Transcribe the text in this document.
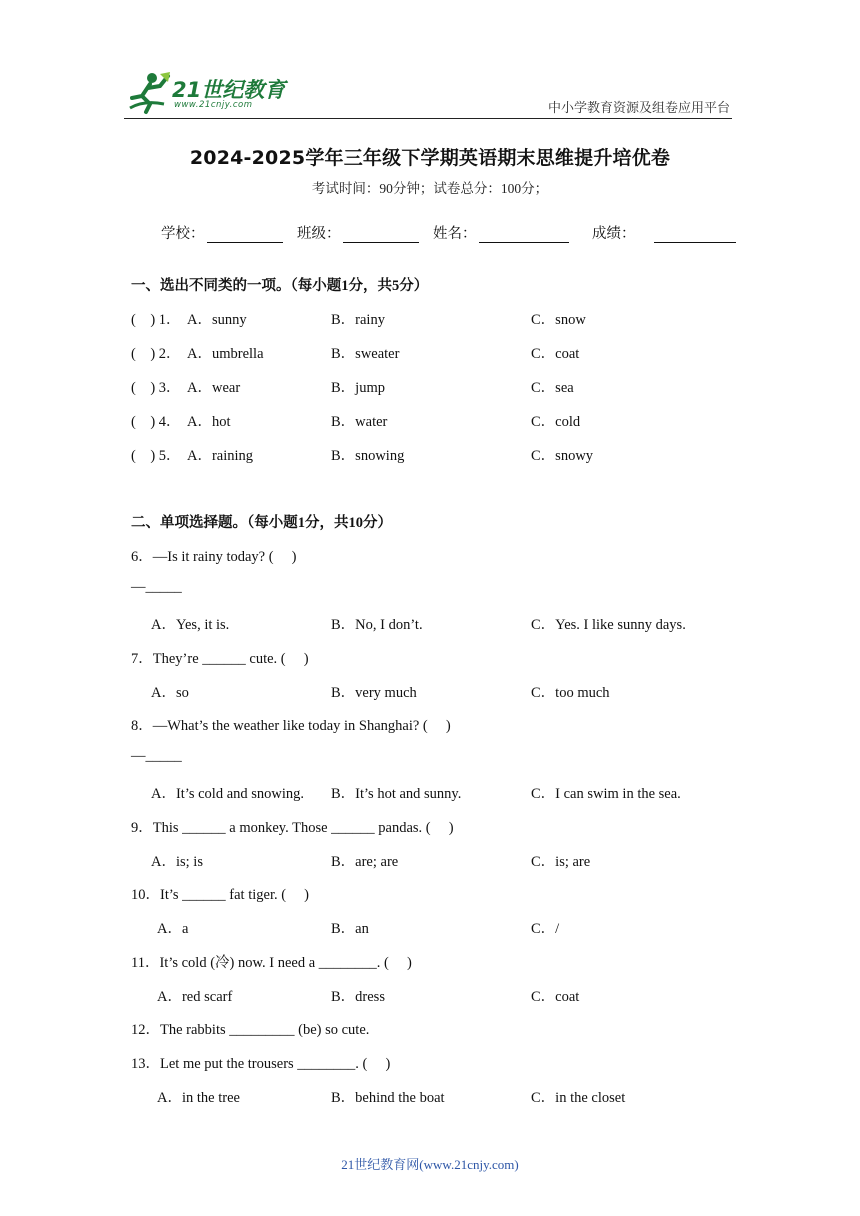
21世纪教育
www.21cnjy.com	中小学教育资源及组卷应用平台
2024-2025学年三年级下学期英语期末思维提升培优卷
考试时间：90分钟；试卷总分：100分；
学校：	班级：	姓名：	成绩：
一、选出不同类的一项。（每小题1分，共5分）
(　) 1． A．sunny	B．rainy	C．snow
(　) 2． A．umbrella	B．sweater	C．coat
(　) 3． A．wear	B．jump	C．sea
(　) 4． A．hot	B．water	C．cold
(　) 5． A．raining	B．snowing	C．snowy
二、单项选择题。（每小题1分，共10分）
6．—Is it rainy today? (　 )
—_____
A．Yes, it is.	B．No, I don’t.	C．Yes. I like sunny days.
7．They’re ______ cute. (　 )
A．so	B．very much	C．too much
8．—What’s the weather like today in Shanghai? (　 )
—_____
A．It’s cold and snowing. B．It’s hot and sunny.	C．I can swim in the sea.
9．This ______ a monkey. Those ______ pandas. (　 )
A．is; is	B．are; are	C．is; are
10．It’s ______ fat tiger. (　 )
A．a	B．an	C．/
11．It’s cold (冷) now. I need a ________. (　 )
A．red scarf	B．dress	C．coat
12．The rabbits _________ (be) so cute.
13．Let me put the trousers ________. (　 )
A．in the tree	B．behind the boat	C．in the closet
21世纪教育网(www.21cnjy.com)
